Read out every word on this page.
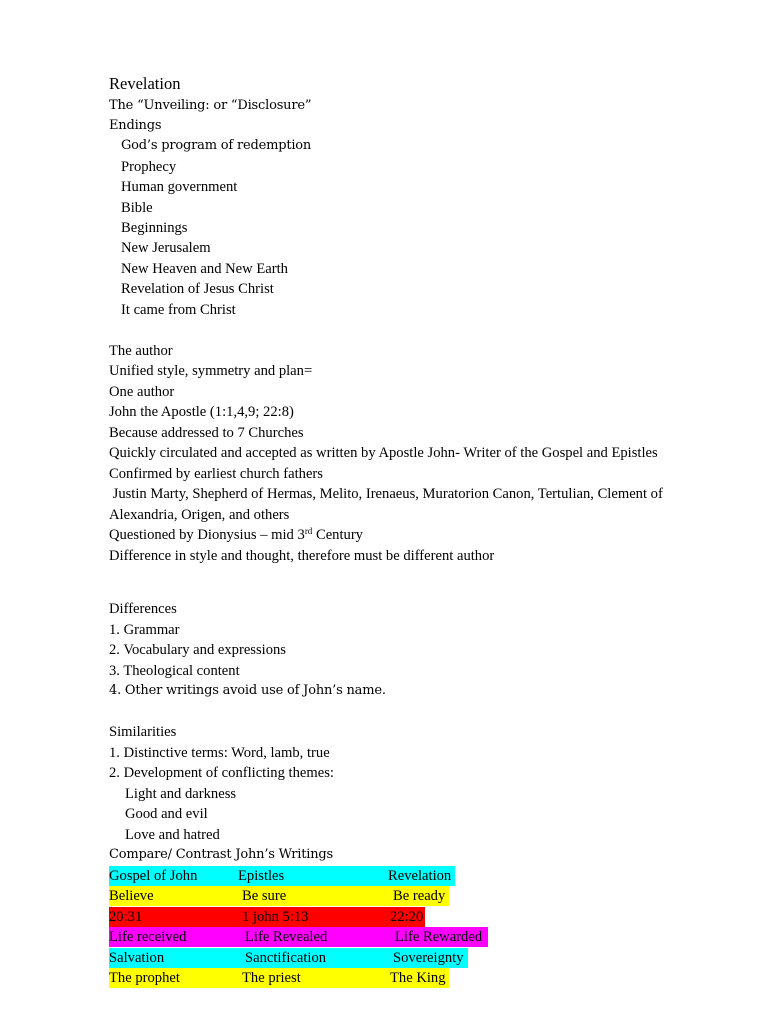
Revelation
The “Unveiling: or “Disclosure”
Endings
God’s program of redemption
Prophecy
Human government
Bible
Beginnings
New Jerusalem
New Heaven and New Earth
Revelation of Jesus Christ
It came from Christ
The author
Unified style, symmetry and plan=
One author
John the Apostle (1:1,4,9; 22:8)
Because addressed to 7 Churches
Quickly circulated and accepted as written by Apostle John- Writer of the Gospel and Epistles
Confirmed by earliest church fathers
Justin Marty, Shepherd of Hermas, Melito, Irenaeus, Muratorion Canon, Tertulian, Clement of
Alexandria, Origen, and others
Questioned by Dionysius – mid 3rd Century
Difference in style and thought, therefore must be different author
Differences
1. Grammar
2. Vocabulary and expressions
3. Theological content
4. Other writings avoid use of John’s name.
Similarities
1. Distinctive terms: Word, lamb, true
2. Development of conflicting themes:
Light and darkness
Good and evil
Love and hatred
Compare/ Contrast John’s Writings
Gospel of John	Epistles	Revelation
Believe	Be sure	Be ready
20:31	1 john 5:13	22:20
Life received	Life Revealed	Life Rewarded
Salvation	Sanctification	Sovereignty
The prophet	The priest	The King
